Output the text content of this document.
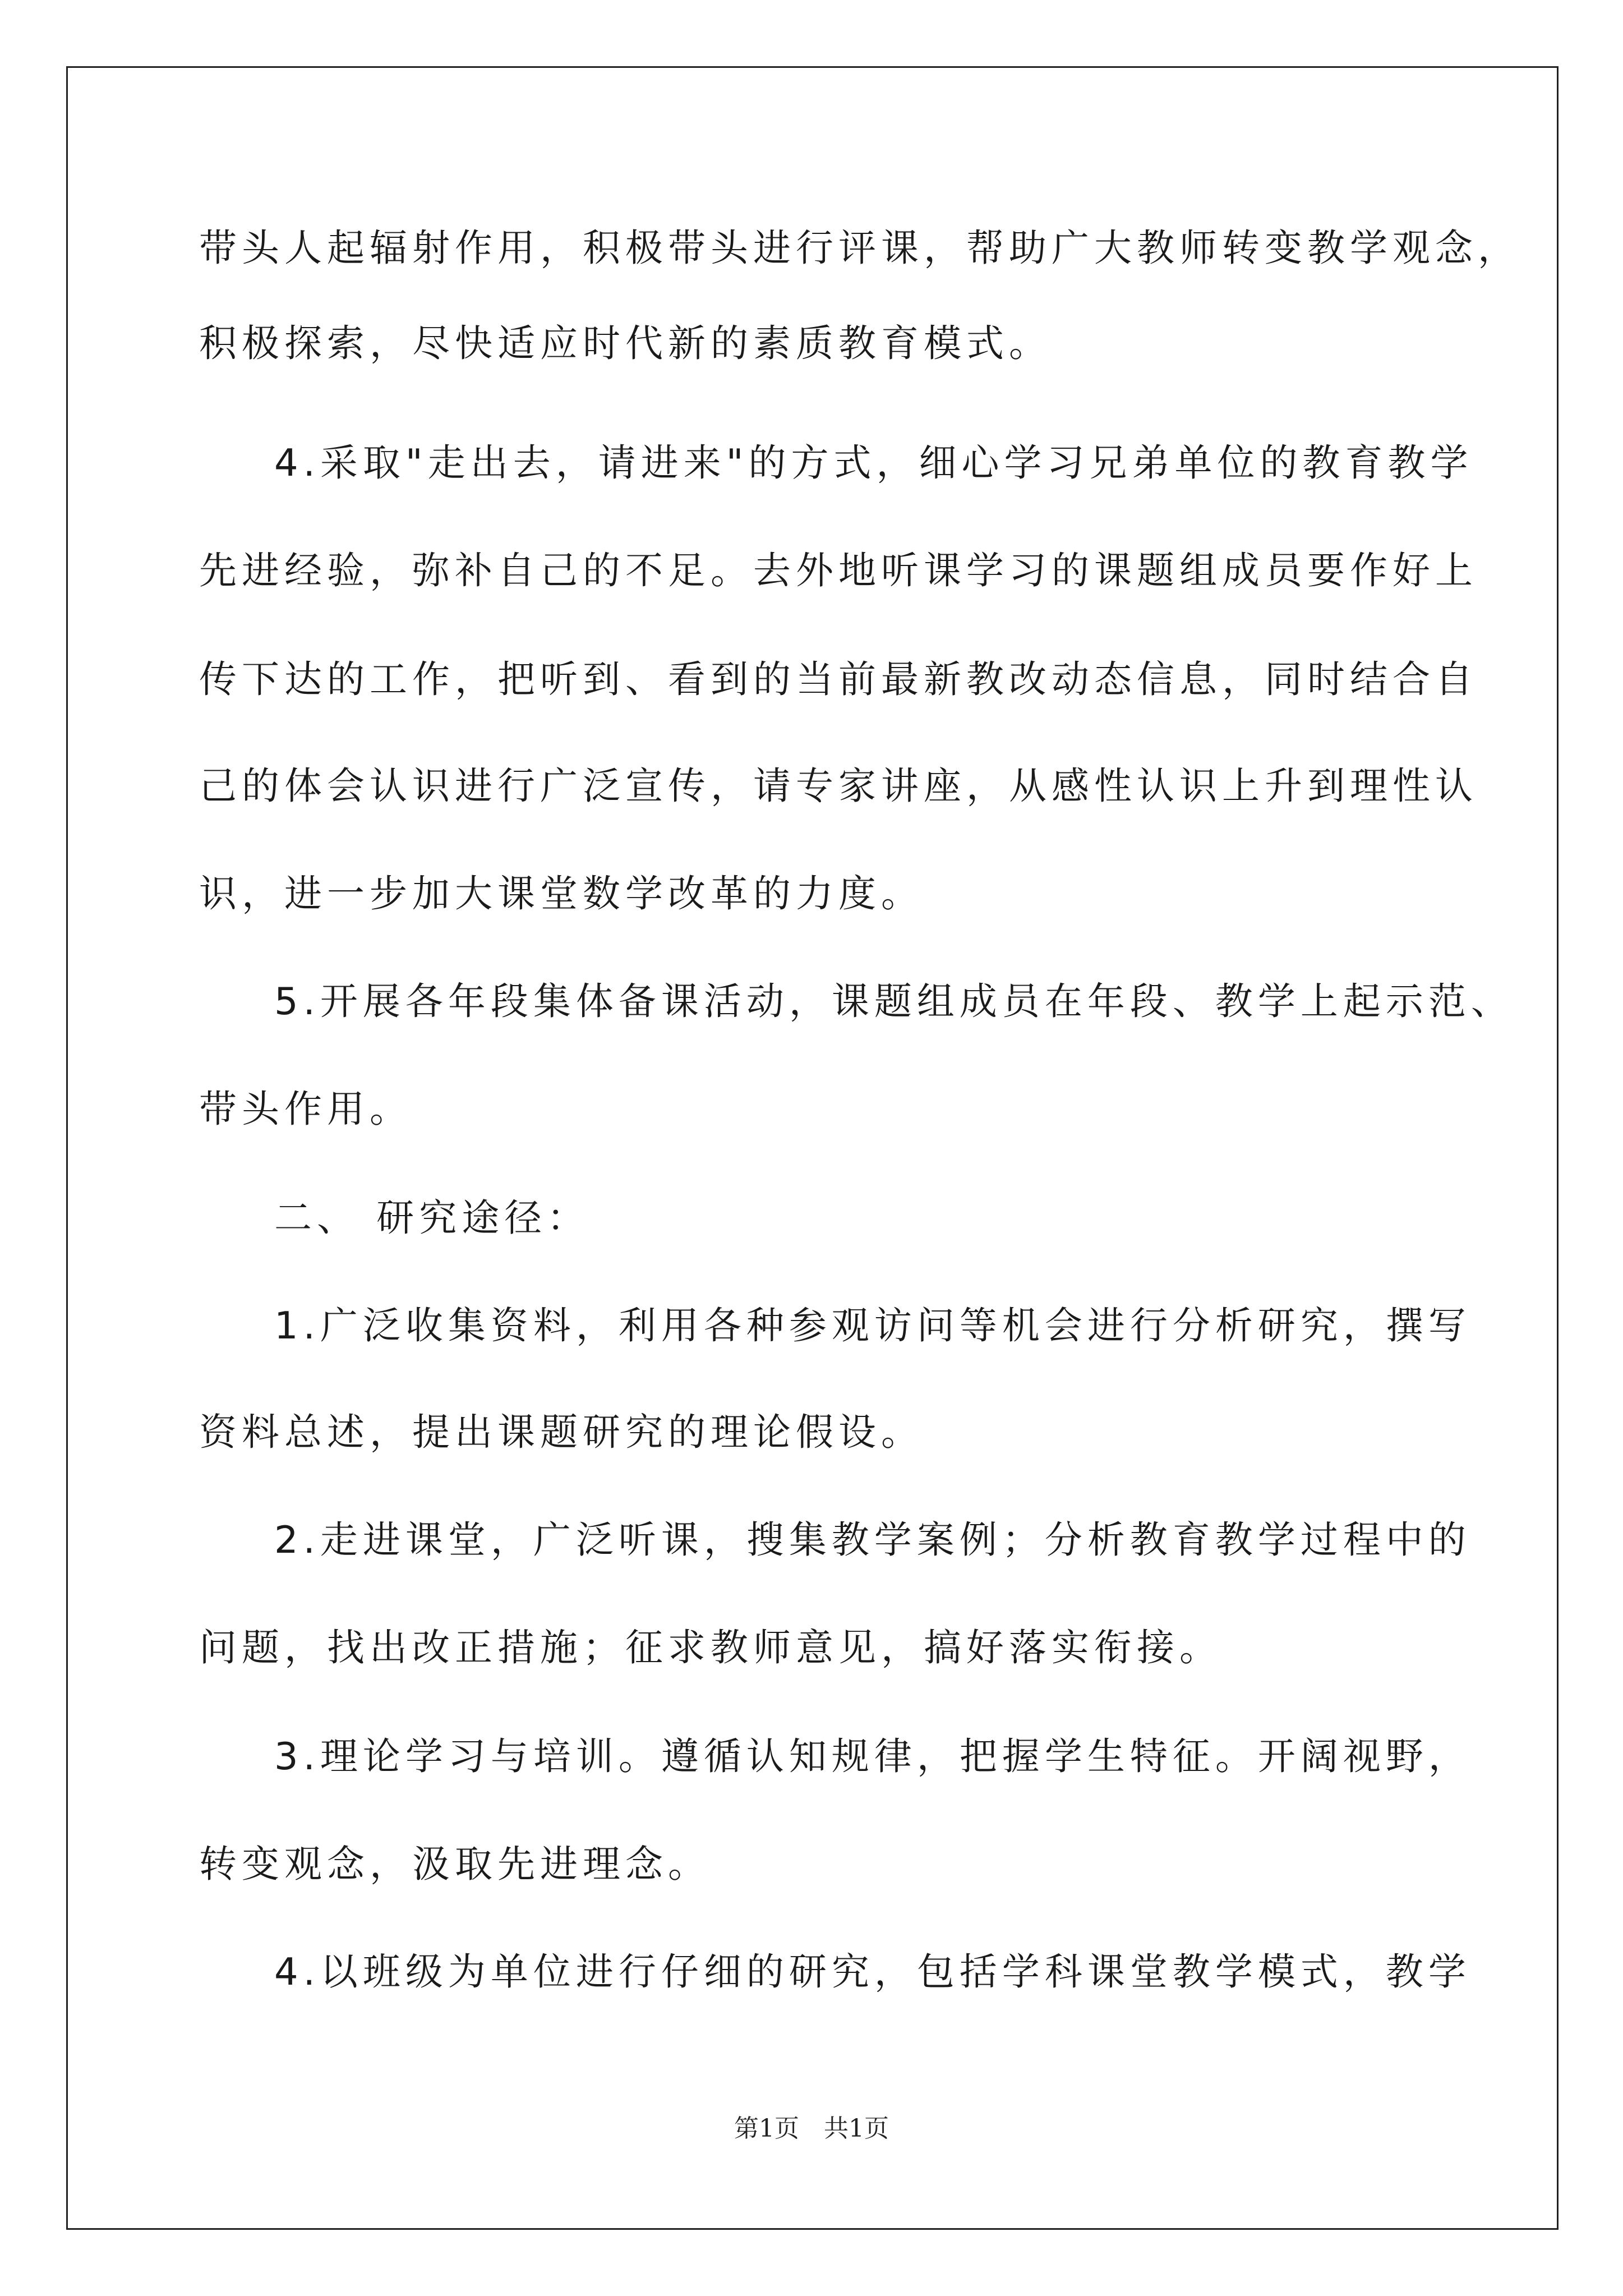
带头人起辐射作用，积极带头进行评课，帮助广大教师转变教学观念，
积极探索，尽快适应时代新的素质教育模式。
4.采取"走出去，请进来"的方式，细心学习兄弟单位的教育教学
先进经验，弥补自己的不足。去外地听课学习的课题组成员要作好上
传下达的工作，把听到、看到的当前最新教改动态信息，同时结合自
己的体会认识进行广泛宣传，请专家讲座，从感性认识上升到理性认
识，进一步加大课堂数学改革的力度。
5.开展各年段集体备课活动，课题组成员在年段、教学上起示范、
带头作用。
二、 研究途径：
1.广泛收集资料，利用各种参观访问等机会进行分析研究，撰写
资料总述，提出课题研究的理论假设。
2.走进课堂，广泛听课，搜集教学案例；分析教育教学过程中的
问题，找出改正措施；征求教师意见，搞好落实衔接。
3.理论学习与培训。遵循认知规律，把握学生特征。开阔视野，
转变观念，汲取先进理念。
4.以班级为单位进行仔细的研究，包括学科课堂教学模式，教学
第1页　共1页
